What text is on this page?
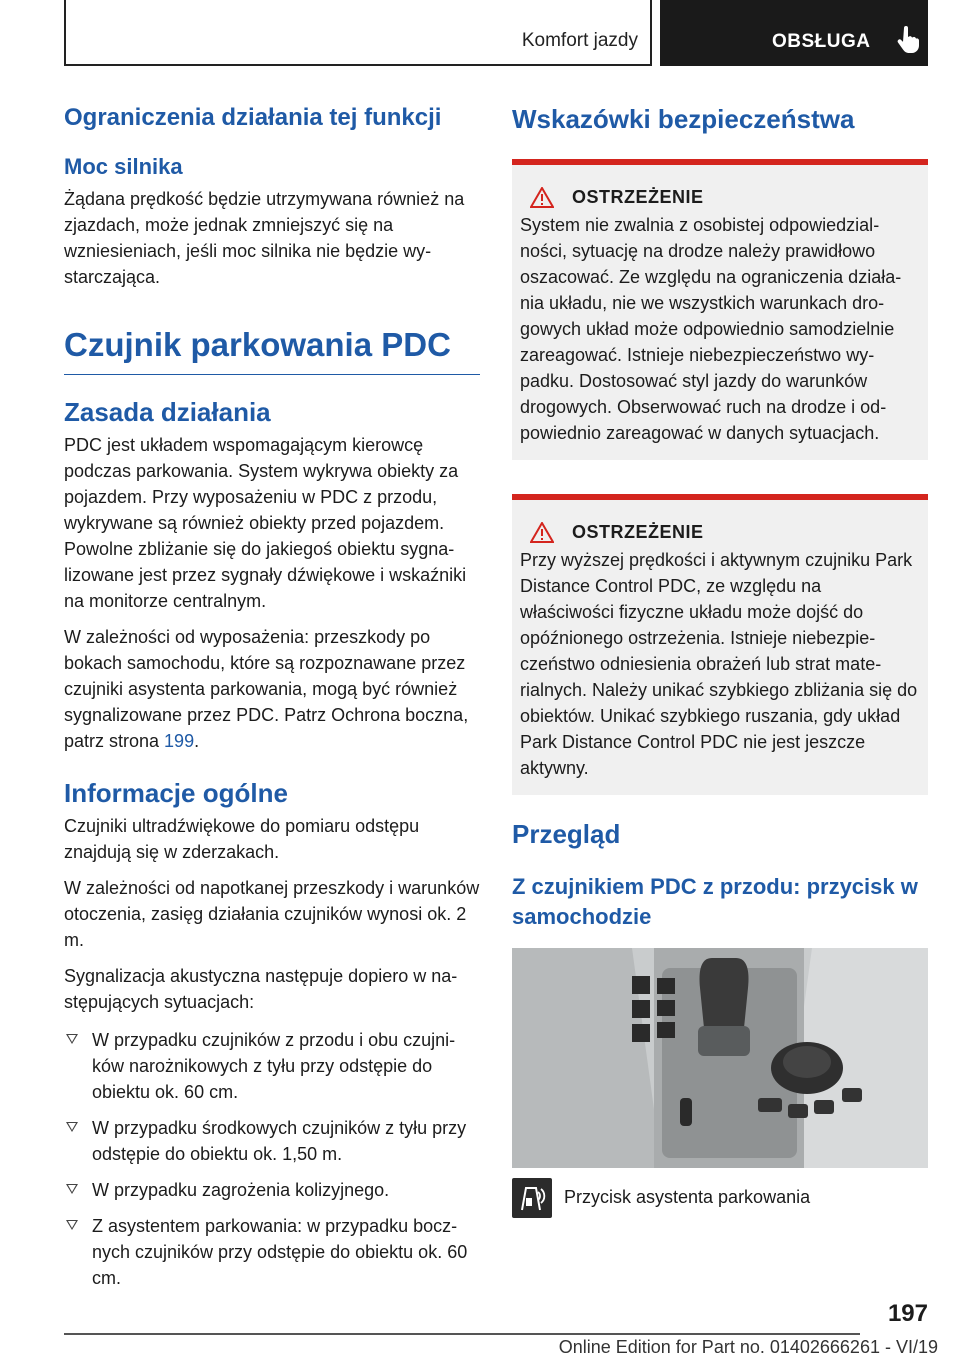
Komfort jazdy	OBSŁUGA
Ograniczenia działania tej funkcji
Moc silnika

Żądana prędkość będzie utrzymywana również na zjazdach, może jednak zmniejszyć się na wzniesieniach, jeśli moc silnika nie będzie wystarczająca.

Czujnik parkowania PDC
Zasada działania

PDC jest układem wspomagającym kierowcę podczas parkowania. System wykrywa obiekty za pojazdem. Przy wyposażeniu w PDC z przodu, wykrywane są również obiekty przed pojazdem. Powolne zbliżanie się do jakiegoś obiektu sygnalizowane jest przez sygnały dźwiękowe i wskaźniki na monitorze centralnym.

W zależności od wyposażenia: przeszkody po bokach samochodu, które są rozpoznawane przez czujniki asystenta parkowania, mogą być również sygnalizowane przez PDC. Patrz Ochrona boczna, patrz strona 199.

Informacje ogólne

Czujniki ultradźwiękowe do pomiaru odstępu znajdują się w zderzakach.

W zależności od napotkanej przeszkody i warunków otoczenia, zasięg działania czujników wynosi ok. 2 m.

Sygnalizacja akustyczna następuje dopiero w następujących sytuacjach:

W przypadku czujników z przodu i obu czujników narożnikowych z tyłu przy odstępie do obiektu ok. 60 cm.
W przypadku środkowych czujników z tyłu przy odstępie do obiektu ok. 1,50 m.
W przypadku zagrożenia kolizyjnego.
Z asystentem parkowania: w przypadku bocznych czujników przy odstępie do obiektu ok. 60 cm.
Wskazówki bezpieczeństwa
OSTRZEŻENIE

System nie zwalnia z osobistej odpowiedzialności, sytuację na drodze należy prawidłowo oszacować. Ze względu na ograniczenia działania układu, nie we wszystkich warunkach drogowych układ może odpowiednio samodzielnie zareagować. Istnieje niebezpieczeństwo wypadku. Dostosować styl jazdy do warunków drogowych. Obserwować ruch na drodze i odpowiednio zareagować w danych sytuacjach.

OSTRZEŻENIE

Przy wyższej prędkości i aktywnym czujniku Park Distance Control PDC, ze względu na właściwości fizyczne układu może dojść do opóźnionego ostrzeżenia. Istnieje niebezpieczeństwo odniesienia obrażeń lub strat materialnych. Należy unikać szybkiego zbliżania się do obiektów. Unikać szybkiego ruszania, gdy układ Park Distance Control PDC nie jest jeszcze aktywny.

Przegląd
Z czujnikiem PDC z przodu: przycisk w samochodzie
Przycisk asystenta parkowania
197
Online Edition for Part no. 01402666261 - VI/19
